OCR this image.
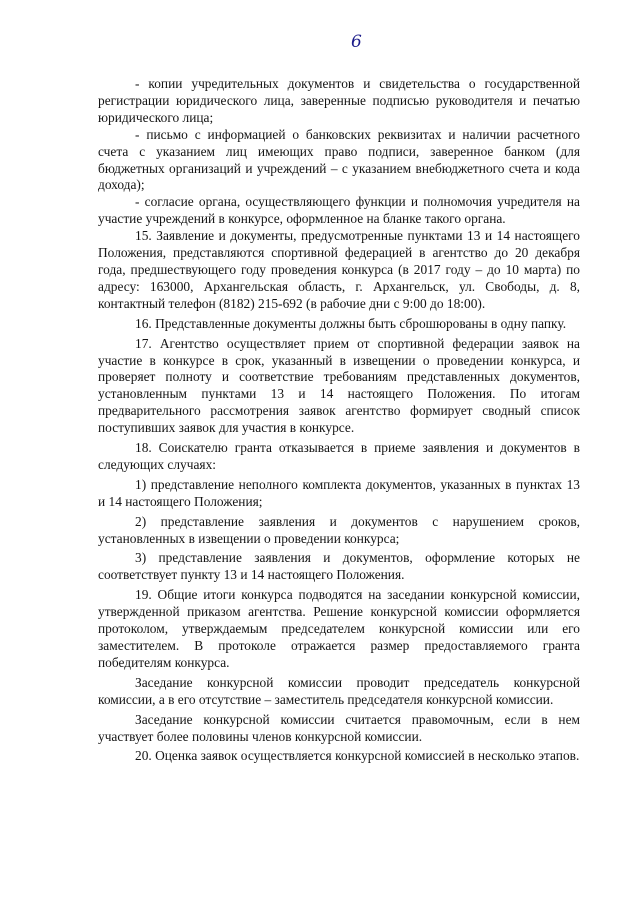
6

- копии учредительных документов и свидетельства о государственной регистрации юридического лица, заверенные подписью руководителя и печатью юридического лица;

- письмо с информацией о банковских реквизитах и наличии расчетного счета с указанием лиц имеющих право подписи, заверенное банком (для бюджетных организаций и учреждений – с указанием внебюджетного счета и кода дохода);

- согласие органа, осуществляющего функции и полномочия учредителя на участие учреждений в конкурсе, оформленное на бланке такого органа.

15. Заявление и документы, предусмотренные пунктами 13 и 14 настоящего Положения, представляются спортивной федерацией в агентство до 20 декабря года, предшествующего году проведения конкурса (в 2017 году – до 10 марта) по адресу: 163000, Архангельская область, г. Архангельск, ул. Свободы, д. 8, контактный телефон (8182) 215-692 (в рабочие дни с 9:00 до 18:00).

16. Представленные документы должны быть сброшюрованы в одну папку.

17. Агентство осуществляет прием от спортивной федерации заявок на участие в конкурсе в срок, указанный в извещении о проведении конкурса, и проверяет полноту и соответствие требованиям представленных документов, установленным пунктами 13 и 14 настоящего Положения. По итогам предварительного рассмотрения заявок агентство формирует сводный список поступивших заявок для участия в конкурсе.

18. Соискателю гранта отказывается в приеме заявления и документов в следующих случаях:

1) представление неполного комплекта документов, указанных в пунктах 13 и 14 настоящего Положения;

2) представление заявления и документов с нарушением сроков, установленных в извещении о проведении конкурса;

3) представление заявления и документов, оформление которых не соответствует пункту 13 и 14 настоящего Положения.

19. Общие итоги конкурса подводятся на заседании конкурсной комиссии, утвержденной приказом агентства. Решение конкурсной комиссии оформляется протоколом, утверждаемым председателем конкурсной комиссии или его заместителем. В протоколе отражается размер предоставляемого гранта победителям конкурса.

Заседание конкурсной комиссии проводит председатель конкурсной комиссии, а в его отсутствие – заместитель председателя конкурсной комиссии.

Заседание конкурсной комиссии считается правомочным, если в нем участвует более половины членов конкурсной комиссии.

20. Оценка заявок осуществляется конкурсной комиссией в несколько этапов.
